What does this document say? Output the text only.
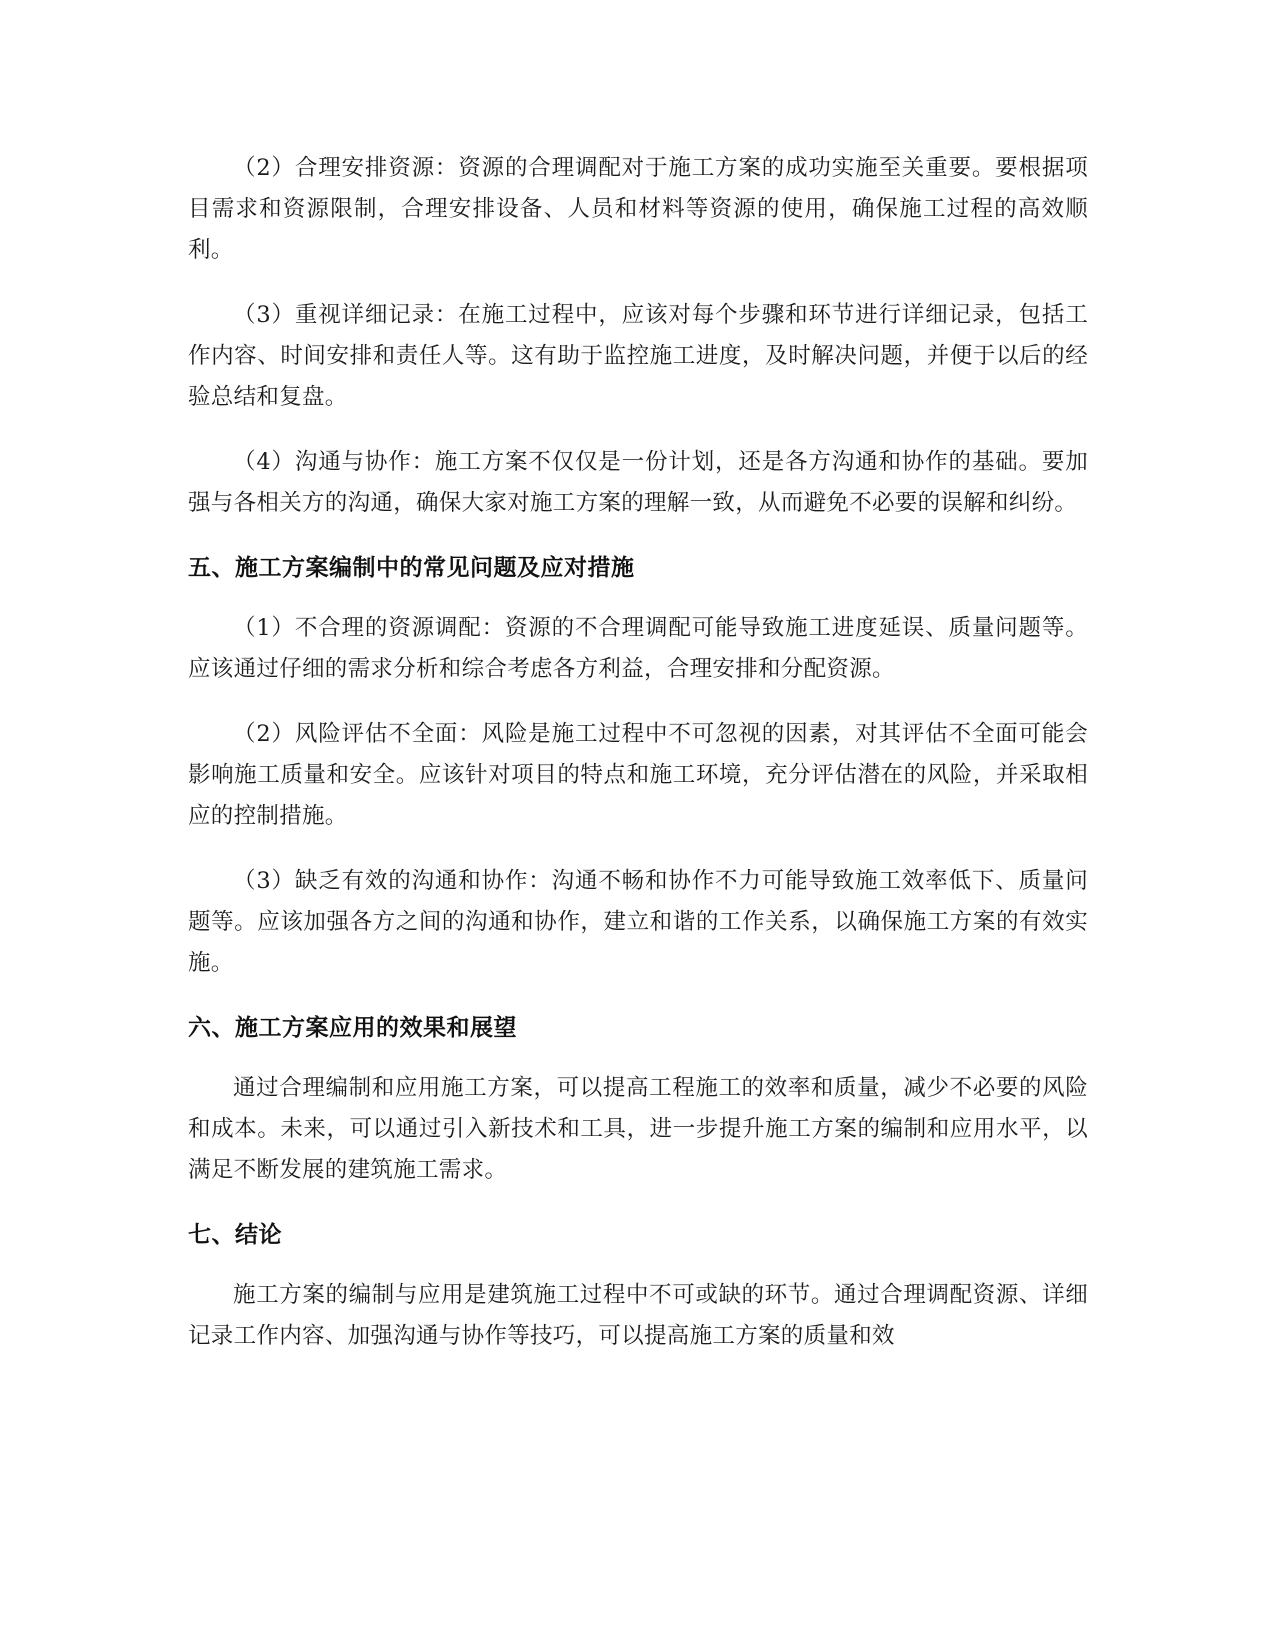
（2）合理安排资源：资源的合理调配对于施工方案的成功实施至关重要。要根据项目需求和资源限制，合理安排设备、人员和材料等资源的使用，确保施工过程的高效顺利。

（3）重视详细记录：在施工过程中，应该对每个步骤和环节进行详细记录，包括工作内容、时间安排和责任人等。这有助于监控施工进度，及时解决问题，并便于以后的经验总结和复盘。

（4）沟通与协作：施工方案不仅仅是一份计划，还是各方沟通和协作的基础。要加强与各相关方的沟通，确保大家对施工方案的理解一致，从而避免不必要的误解和纠纷。

五、施工方案编制中的常见问题及应对措施

（1）不合理的资源调配：资源的不合理调配可能导致施工进度延误、质量问题等。应该通过仔细的需求分析和综合考虑各方利益，合理安排和分配资源。

（2）风险评估不全面：风险是施工过程中不可忽视的因素，对其评估不全面可能会影响施工质量和安全。应该针对项目的特点和施工环境，充分评估潜在的风险，并采取相应的控制措施。

（3）缺乏有效的沟通和协作：沟通不畅和协作不力可能导致施工效率低下、质量问题等。应该加强各方之间的沟通和协作，建立和谐的工作关系，以确保施工方案的有效实施。

六、施工方案应用的效果和展望

通过合理编制和应用施工方案，可以提高工程施工的效率和质量，减少不必要的风险和成本。未来，可以通过引入新技术和工具，进一步提升施工方案的编制和应用水平，以满足不断发展的建筑施工需求。

七、结论

施工方案的编制与应用是建筑施工过程中不可或缺的环节。通过合理调配资源、详细记录工作内容、加强沟通与协作等技巧，可以提高施工方案的质量和效
